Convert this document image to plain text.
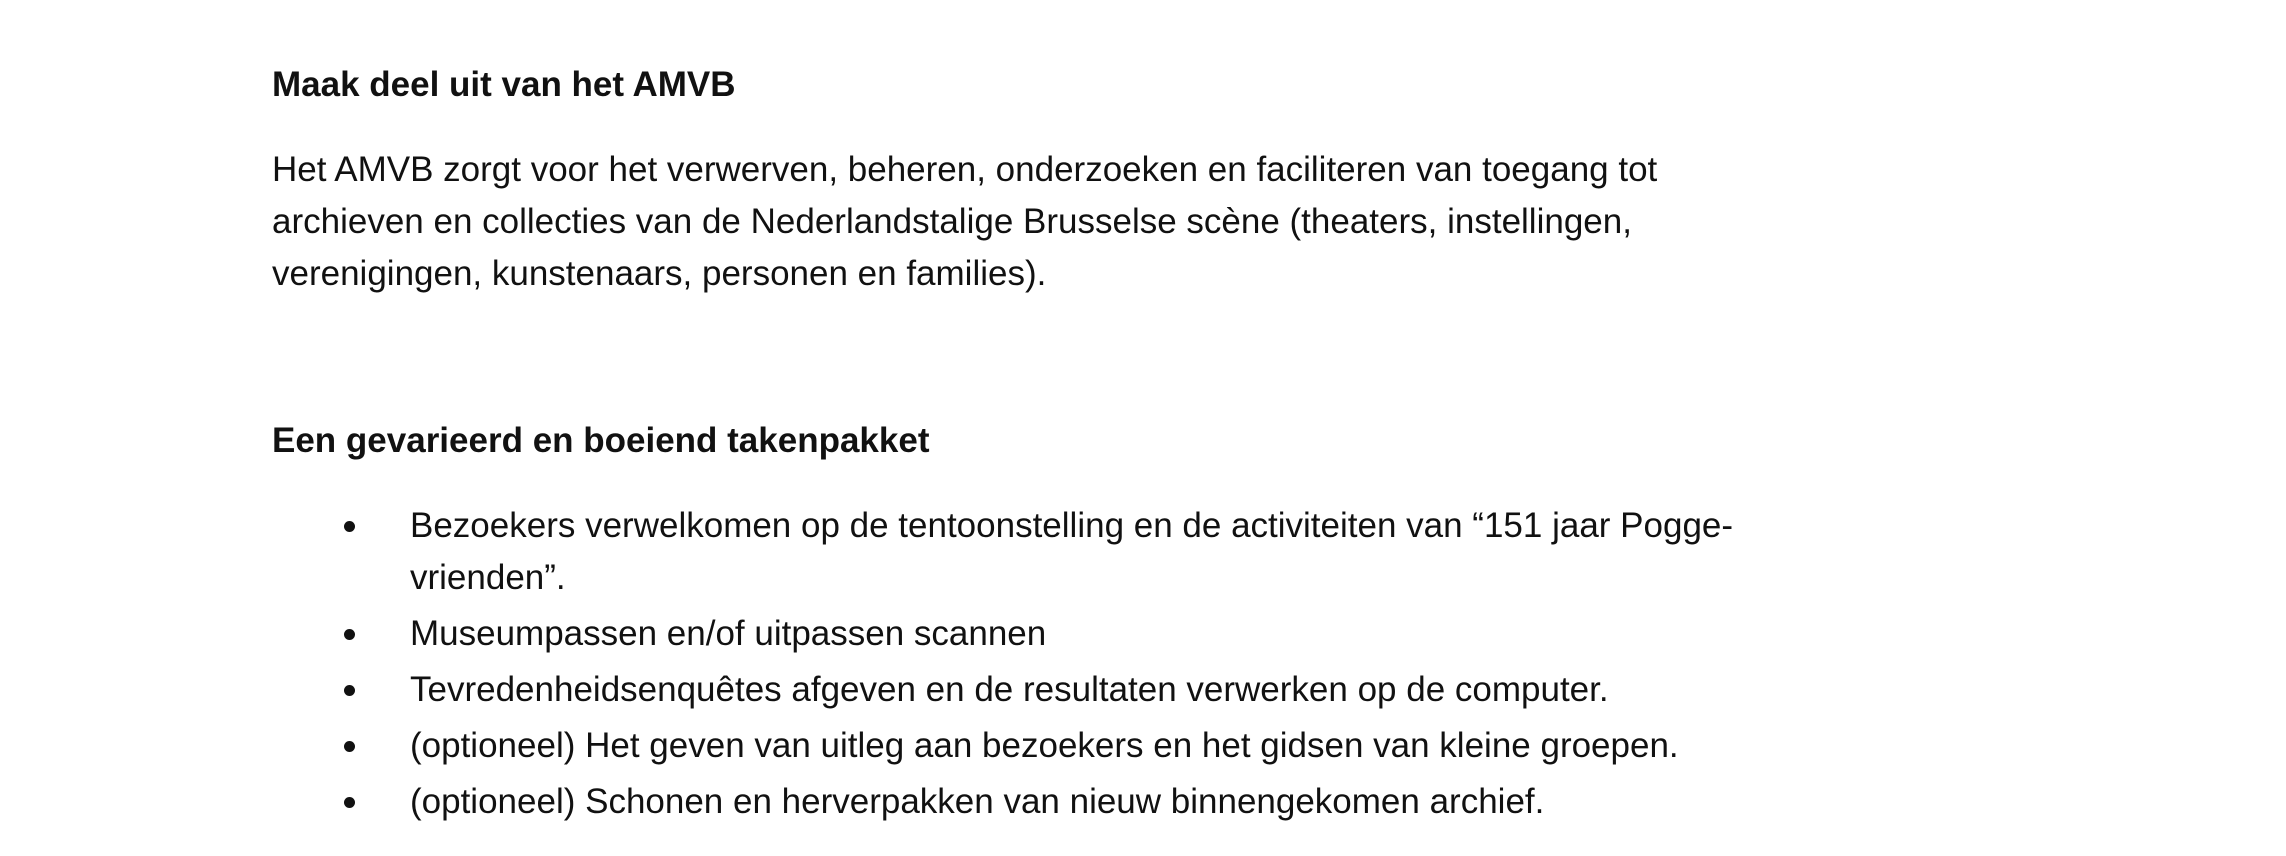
Maak deel uit van het AMVB

Het AMVB zorgt voor het verwerven, beheren, onderzoeken en faciliteren van toegang tot
archieven en collecties van de Nederlandstalige Brusselse scène (theaters, instellingen,
verenigingen, kunstenaars, personen en families).

Een gevarieerd en boeiend takenpakket
Bezoekers verwelkomen op de tentoonstelling en de activiteiten van “151 jaar Pogge-
vrienden”.
Museumpassen en/of uitpassen scannen
Tevredenheidsenquêtes afgeven en de resultaten verwerken op de computer.
(optioneel) Het geven van uitleg aan bezoekers en het gidsen van kleine groepen.
(optioneel) Schonen en herverpakken van nieuw binnengekomen archief.
